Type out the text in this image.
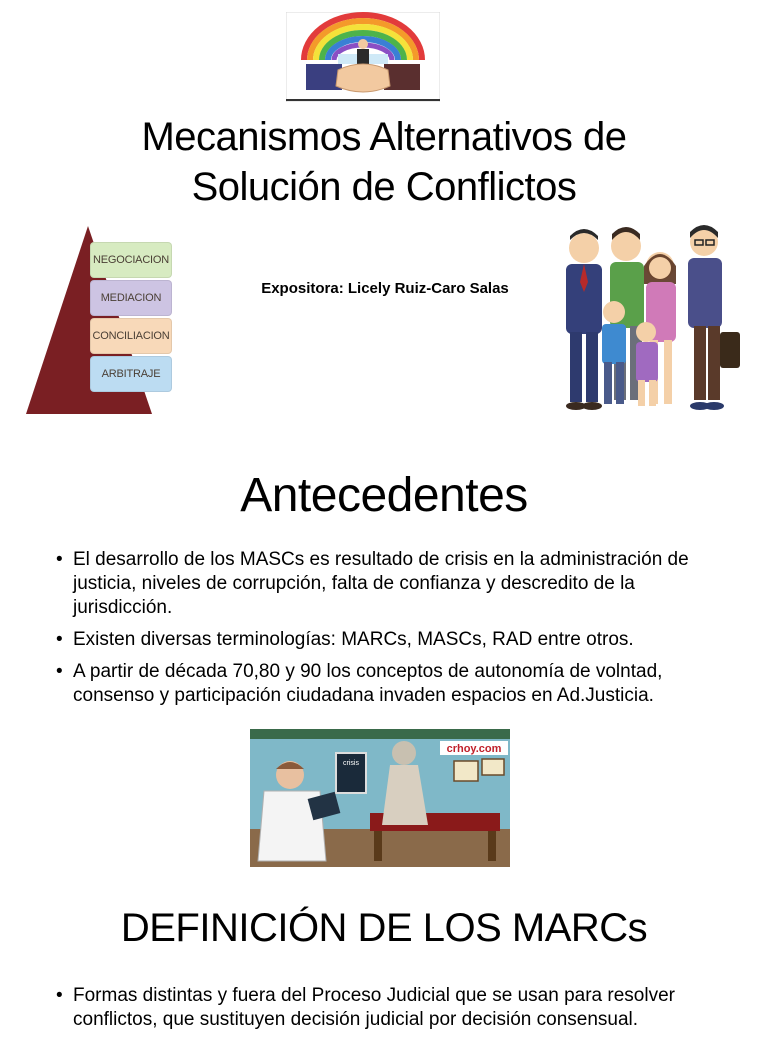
Mecanismos Alternativos de
Solución de Conflictos
NEGOCIACION
MEDIACION
CONCILIACION
ARBITRAJE
Expositora: Licely Ruiz-Caro Salas
Antecedentes
• El desarrollo de los MASCs es resultado de crisis en la administración de justicia, niveles de corrupción, falta de confianza y descredito de la jurisdicción.
• Existen diversas terminologías: MARCs, MASCs, RAD entre otros.
• A partir de década 70,80 y 90 los conceptos de autonomía de volntad, consenso y participación ciudadana invaden espacios en Ad.Justicia.
crhoy.com
crisis
DEFINICIÓN DE LOS MARCs
• Formas distintas y fuera del Proceso Judicial que se usan para resolver conflictos, que sustituyen decisión judicial por decisión consensual.
